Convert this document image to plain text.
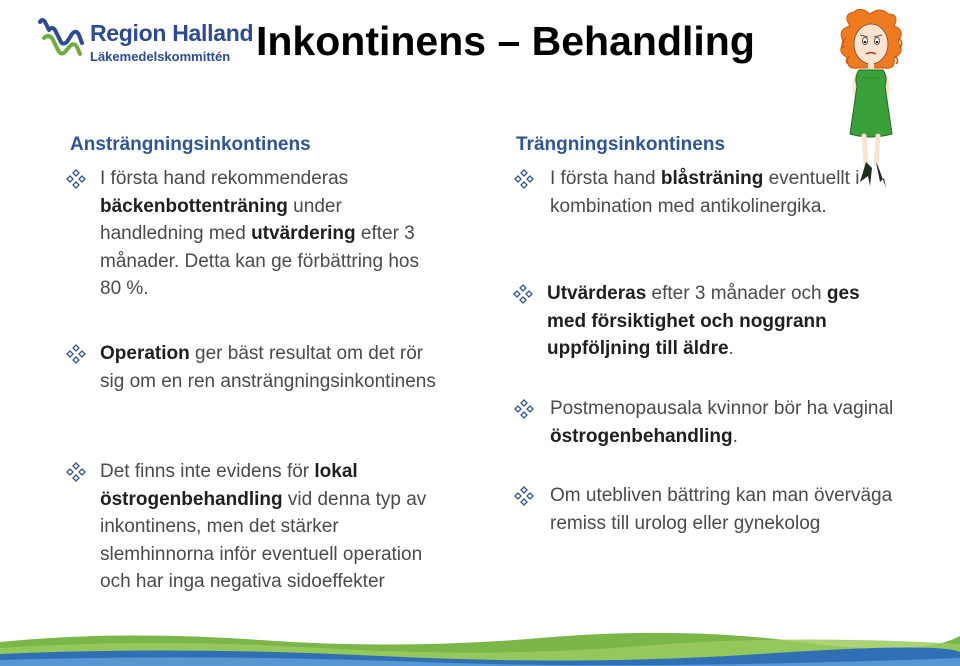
Region Halland
Läkemedelskommittén Inkontinens – Behandling
Ansträngningsinkontinens
I första hand rekommenderas bäckenbottenträning under handledning med utvärdering efter 3 månader. Detta kan ge förbättring hos 80 %.
Operation ger bäst resultat om det rör sig om en ren ansträngningsinkontinens
Det finns inte evidens för lokal östrogenbehandling vid denna typ av inkontinens, men det stärker slemhinnorna inför eventuell operation och har inga negativa sidoeffekter
Trängningsinkontinens
I första hand blåsträning eventuellt i kombination med antikolinergika.
Utvärderas efter 3 månader och ges med försiktighet och noggrann uppföljning till äldre.
Postmenopausala kvinnor bör ha vaginal östrogenbehandling.
Om utebliven bättring kan man överväga remiss till urolog eller gynekolog
